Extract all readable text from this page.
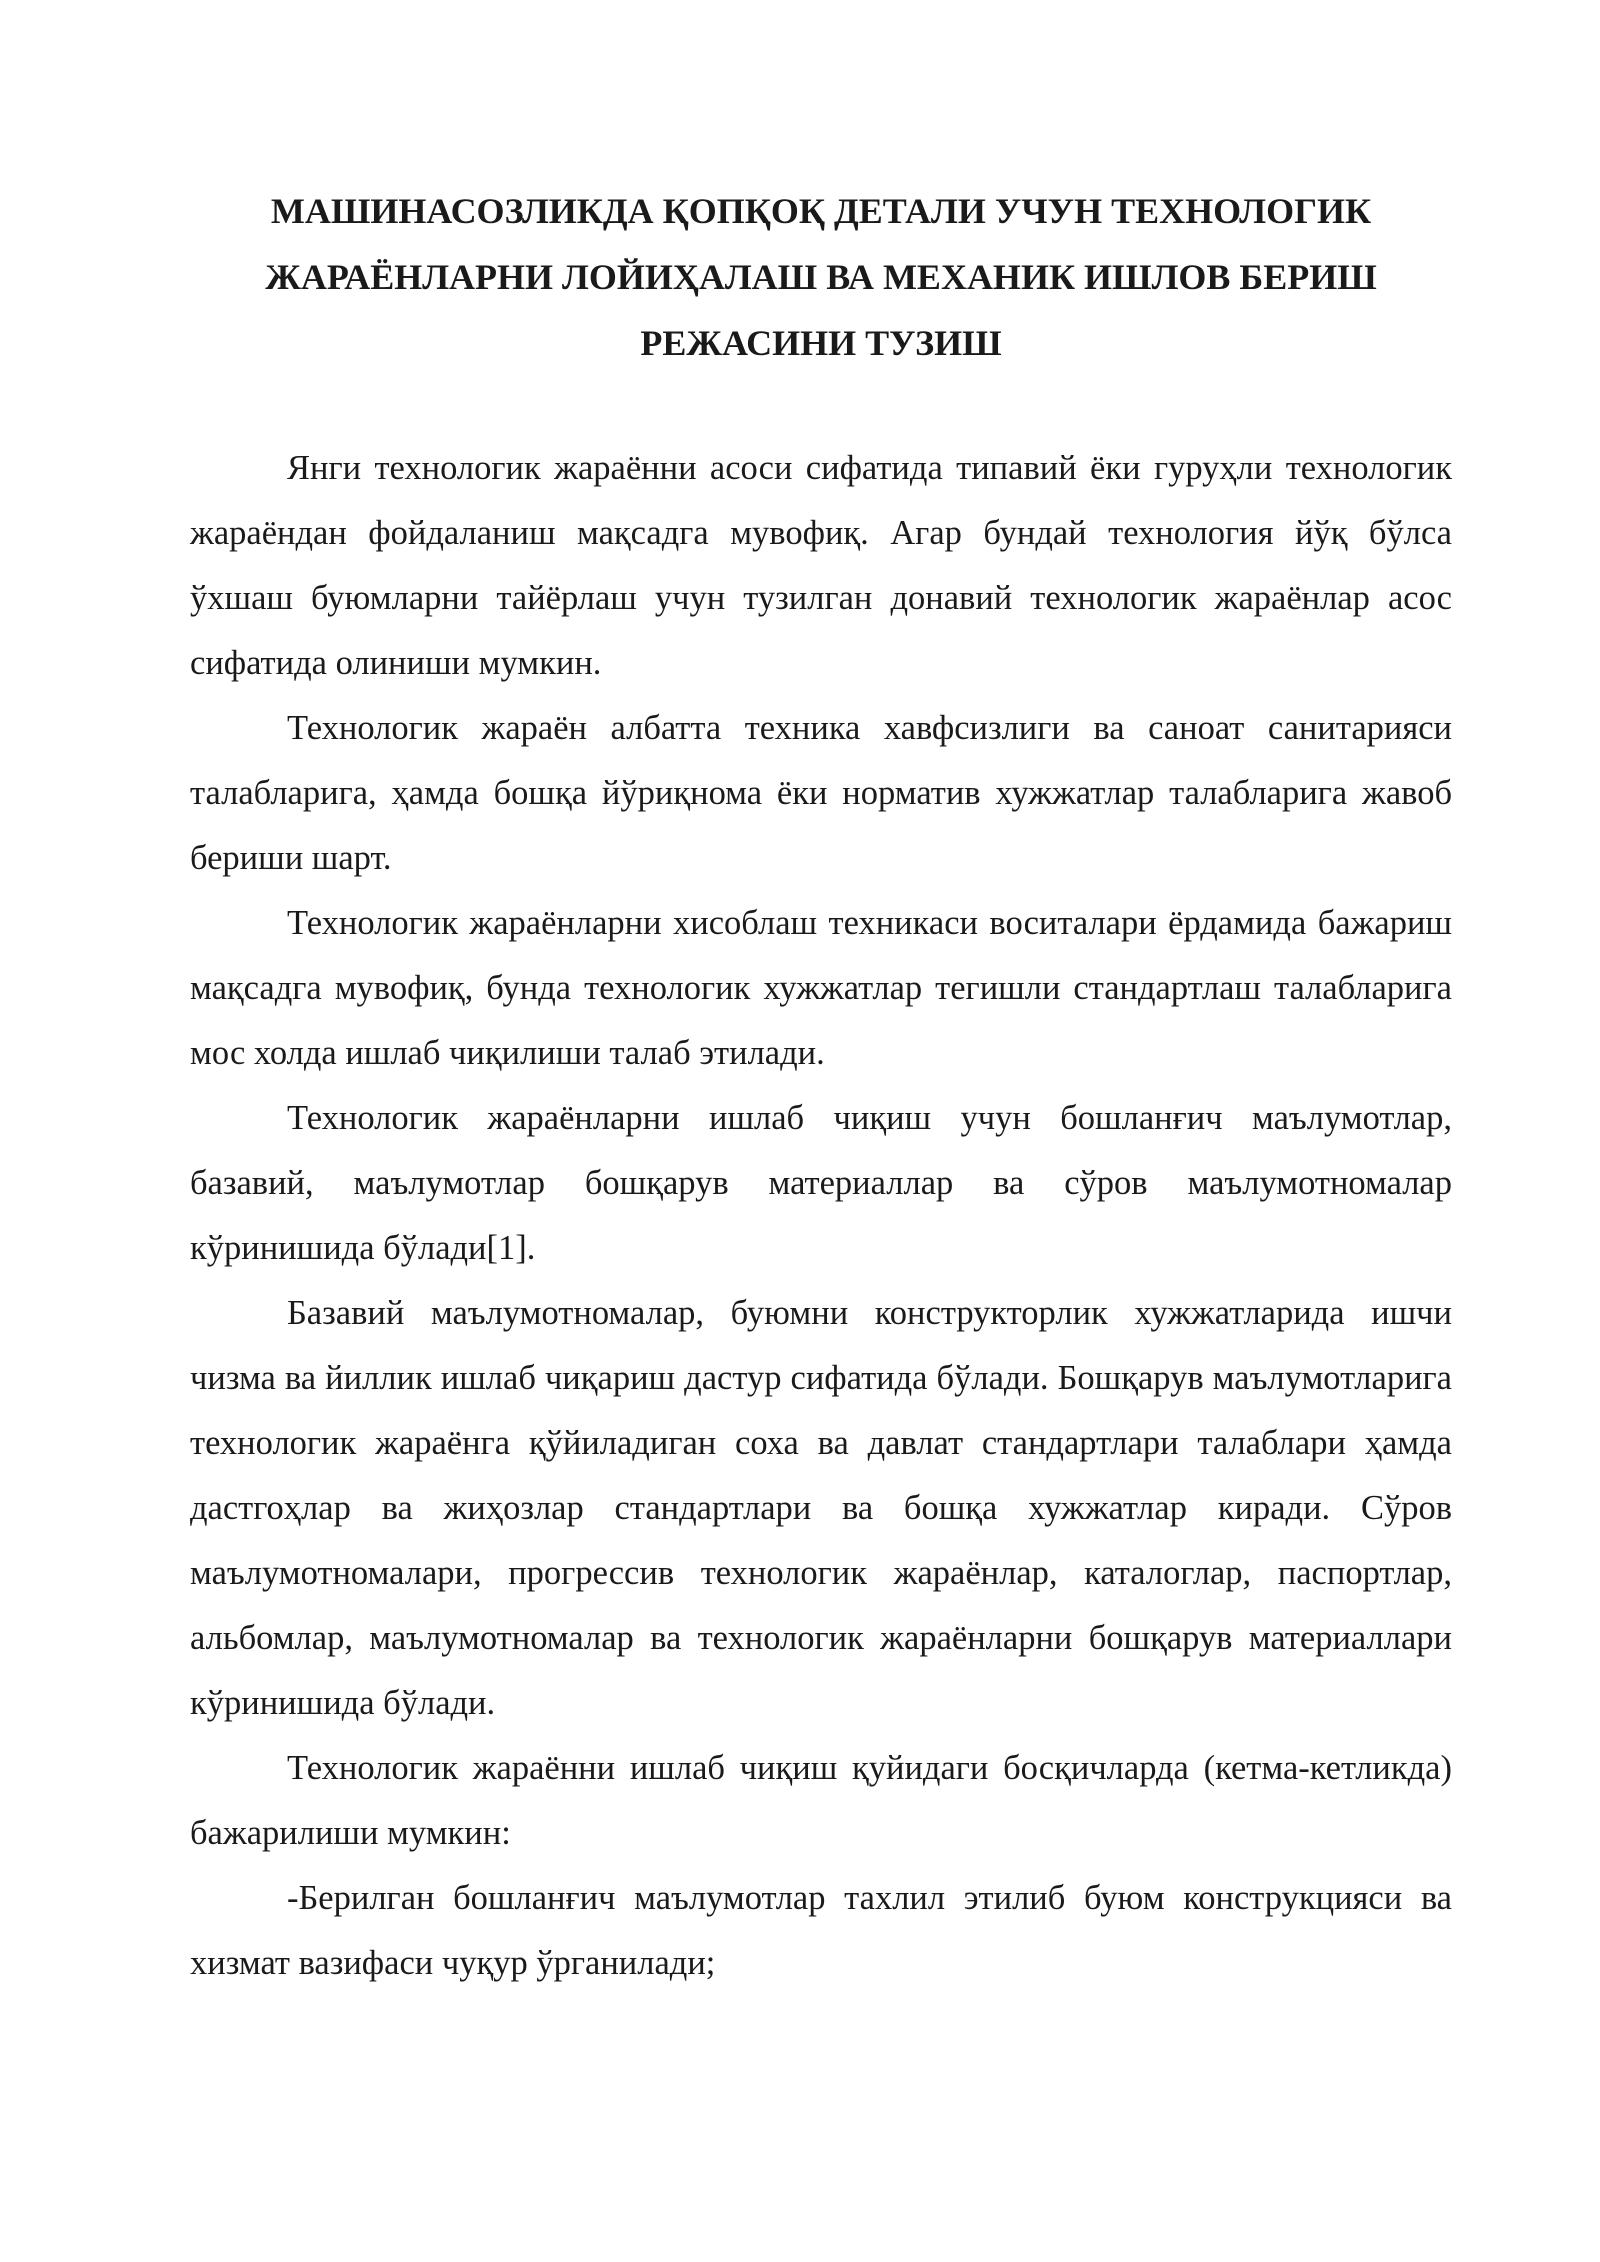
МАШИНАСОЗЛИКДА ҚОПҚОҚ ДЕТАЛИ УЧУН ТЕХНОЛОГИК
ЖАРАЁНЛАРНИ ЛОЙИҲАЛАШ ВА МЕХАНИК ИШЛОВ БЕРИШ
РЕЖАСИНИ ТУЗИШ

Янги технологик жараённи асоси сифатида типавий ёки гуруҳли технологик жараёндан фойдаланиш мақсадга мувофиқ. Агар бундай технология йўқ бўлса ўхшаш буюмларни тайёрлаш учун тузилган донавий технологик жараёнлар асос сифатида олиниши мумкин.

Технологик жараён албатта техника хавфсизлиги ва саноат санитарияси талабларига, ҳамда бошқа йўриқнома ёки норматив хужжатлар талабларига жавоб бериши шарт.

Технологик жараёнларни хисоблаш техникаси воситалари ёрдамида бажариш мақсадга мувофиқ, бунда технологик хужжатлар тегишли стандартлаш талабларига мос холда ишлаб чиқилиши талаб этилади.

Технологик жараёнларни ишлаб чиқиш учун бошланғич маълумотлар, базавий, маълумотлар бошқарув материаллар ва сўров маълумотномалар кўринишида бўлади[1].

Базавий маълумотномалар, буюмни конструкторлик хужжатларида ишчи чизма ва йиллик ишлаб чиқариш дастур сифатида бўлади. Бошқарув маълумотларига технологик жараёнга қўйиладиган соха ва давлат стандартлари талаблари ҳамда дастгоҳлар ва жиҳозлар стандартлари ва бошқа хужжатлар киради. Сўров маълумотномалари, прогрессив технологик жараёнлар, каталоглар, паспортлар, альбомлар, маълумотномалар ва технологик жараёнларни бошқарув материаллари кўринишида бўлади.

Технологик жараённи ишлаб чиқиш қуйидаги босқичларда (кетма-кетликда) бажарилиши мумкин:

-Берилган бошланғич маълумотлар тахлил этилиб буюм конструкцияси ва хизмат вазифаси чуқур ўрганилади;
